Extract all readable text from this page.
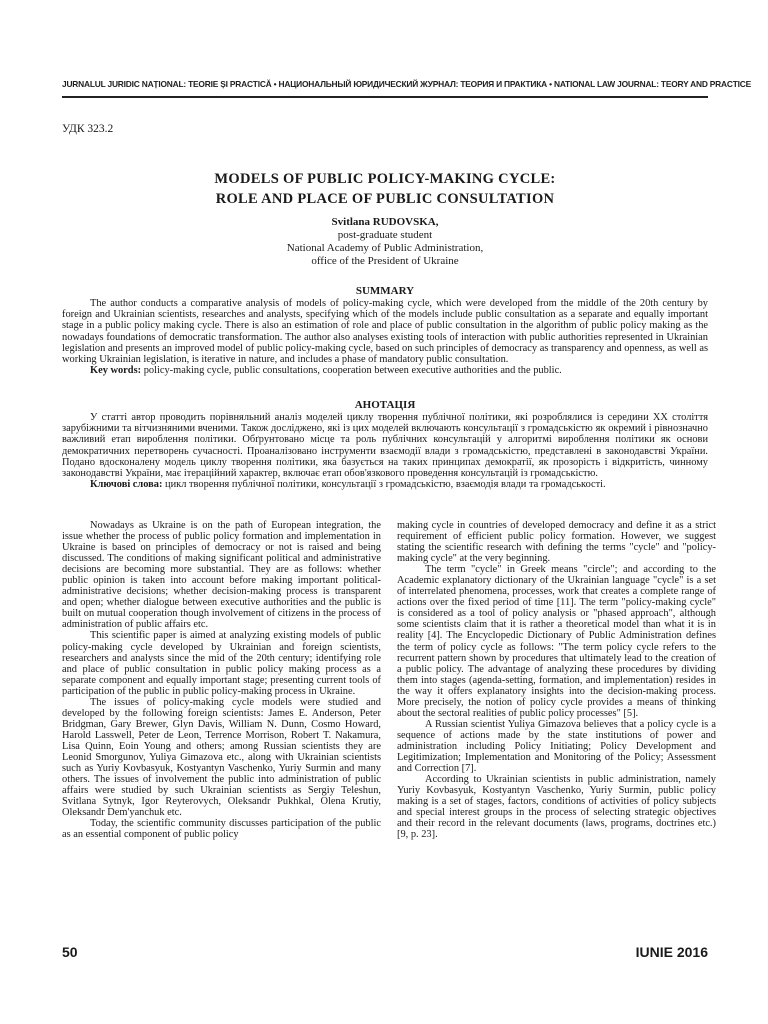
JURNALUL JURIDIC NAȚIONAL: TEORIE ȘI PRACTICĂ • НАЦИОНАЛЬНЫЙ ЮРИДИЧЕСКИЙ ЖУРНАЛ: ТЕОРИЯ И ПРАКТИКА • NATIONAL LAW JOURNAL: TEORY AND PRACTICE
УДК 323.2
MODELS OF PUBLIC POLICY-MAKING CYCLE:
ROLE AND PLACE OF PUBLIC CONSULTATION
Svitlana RUDOVSKA,
post-graduate student
National Academy of Public Administration,
office of the President of Ukraine
SUMMARY

The author conducts a comparative analysis of models of policy-making cycle, which were developed from the middle of the 20th century by foreign and Ukrainian scientists, researches and analysts, specifying which of the models include public consultation as a separate and equally important stage in a public policy making cycle. There is also an estimation of role and place of public consultation in the algorithm of public policy making as the nowadays foundations of democratic transformation. The author also analyses existing tools of interaction with public authorities represented in Ukrainian legislation and presents an improved model of public policy-making cycle, based on such principles of democracy as transparency and openness, as well as working Ukrainian legislation, is iterative in nature, and includes a phase of mandatory public consultation.

Key words: policy-making cycle, public consultations, cooperation between executive authorities and the public.

АНОТАЦІЯ

У статті автор проводить порівняльний аналіз моделей циклу творення публічної політики, які розроблялися із середини ХХ століття зарубіжними та вітчизняними вченими. Також досліджено, які із цих моделей включають консультації з громадськістю як окремий і рівнозначно важливий етап вироблення політики. Обґрунтовано місце та роль публічних консультацій у алгоритмі вироблення політики як основи демократичних перетворень сучасності. Проаналізовано інструменти взаємодії влади з громадськістю, представлені в законодавстві України. Подано вдосконалену модель циклу творення політики, яка базується на таких принципах демократії, як прозорість і відкритість, чинному законодавстві України, має ітераційний характер, включає етап обов'язкового проведення консультацій із громадськістю.

Ключові слова: цикл творення публічної політики, консультації з громадськістю, взаємодія влади та громадськості.

Nowadays as Ukraine is on the path of European integration, the issue whether the process of public policy formation and implementation in Ukraine is based on principles of democracy or not is raised and being discussed. The conditions of making significant political and administrative decisions are becoming more substantial. They are as follows: whether public opinion is taken into account before making important political-administrative decisions; whether decision-making process is transparent and open; whether dialogue between executive authorities and the public is built on mutual cooperation though involvement of citizens in the process of administration of public affairs etc.

This scientific paper is aimed at analyzing existing models of public policy-making cycle developed by Ukrainian and foreign scientists, researchers and analysts since the mid of the 20th century; identifying role and place of public consultation in public policy making process as a separate component and equally important stage; presenting current tools of participation of the public in public policy-making process in Ukraine.

The issues of policy-making cycle models were studied and developed by the following foreign scientists: James E. Anderson, Peter Bridgman, Gary Brewer, Glyn Davis, William N. Dunn, Cosmo Howard, Harold Lasswell, Peter de Leon, Terrence Morrison, Robert T. Nakamura, Lisa Quinn, Eoin Young and others; among Russian scientists they are Leonid Smorgunov, Yuliya Gimazova etc., along with Ukrainian scientists such as Yuriy Kovbasyuk, Kostyantyn Vaschenko, Yuriy Surmin and many others. The issues of involvement the public into administration of public affairs were studied by such Ukrainian scientists as Sergiy Teleshun, Svitlana Sytnyk, Igor Reyterovych, Oleksandr Pukhkal, Olena Krutiy, Oleksandr Dem'yanchuk etc.

Today, the scientific community discusses participation of the public as an essential component of public policy

making cycle in countries of developed democracy and define it as a strict requirement of efficient public policy formation. However, we suggest stating the scientific research with defining the terms "cycle" and "policy-making cycle" at the very beginning.

The term "cycle" in Greek means "circle"; and according to the Academic explanatory dictionary of the Ukrainian language "cycle" is a set of interrelated phenomena, processes, work that creates a complete range of actions over the fixed period of time [11]. The term "policy-making cycle" is considered as a tool of policy analysis or "phased approach", although some scientists claim that it is rather a theoretical model than what it is in reality [4]. The Encyclopedic Dictionary of Public Administration defines the term of policy cycle as follows: "The term policy cycle refers to the recurrent pattern shown by procedures that ultimately lead to the creation of a public policy. The advantage of analyzing these procedures by dividing them into stages (agenda-setting, formation, and implementation) resides in the way it offers explanatory insights into the decision-making process. More precisely, the notion of policy cycle provides a means of thinking about the sectoral realities of public policy processes" [5].

A Russian scientist Yuliya Gimazova believes that a policy cycle is a sequence of actions made by the state institutions of power and administration including Policy Initiating; Policy Development and Legitimization; Implementation and Monitoring of the Policy; Assessment and Correction [7].

According to Ukrainian scientists in public administration, namely Yuriy Kovbasyuk, Kostyantyn Vaschenko, Yuriy Surmin, public policy making is a set of stages, factors, conditions of activities of policy subjects and special interest groups in the process of selecting strategic objectives and their record in the relevant documents (laws, programs, doctrines etc.) [9, p. 23].

50	IUNIE 2016
